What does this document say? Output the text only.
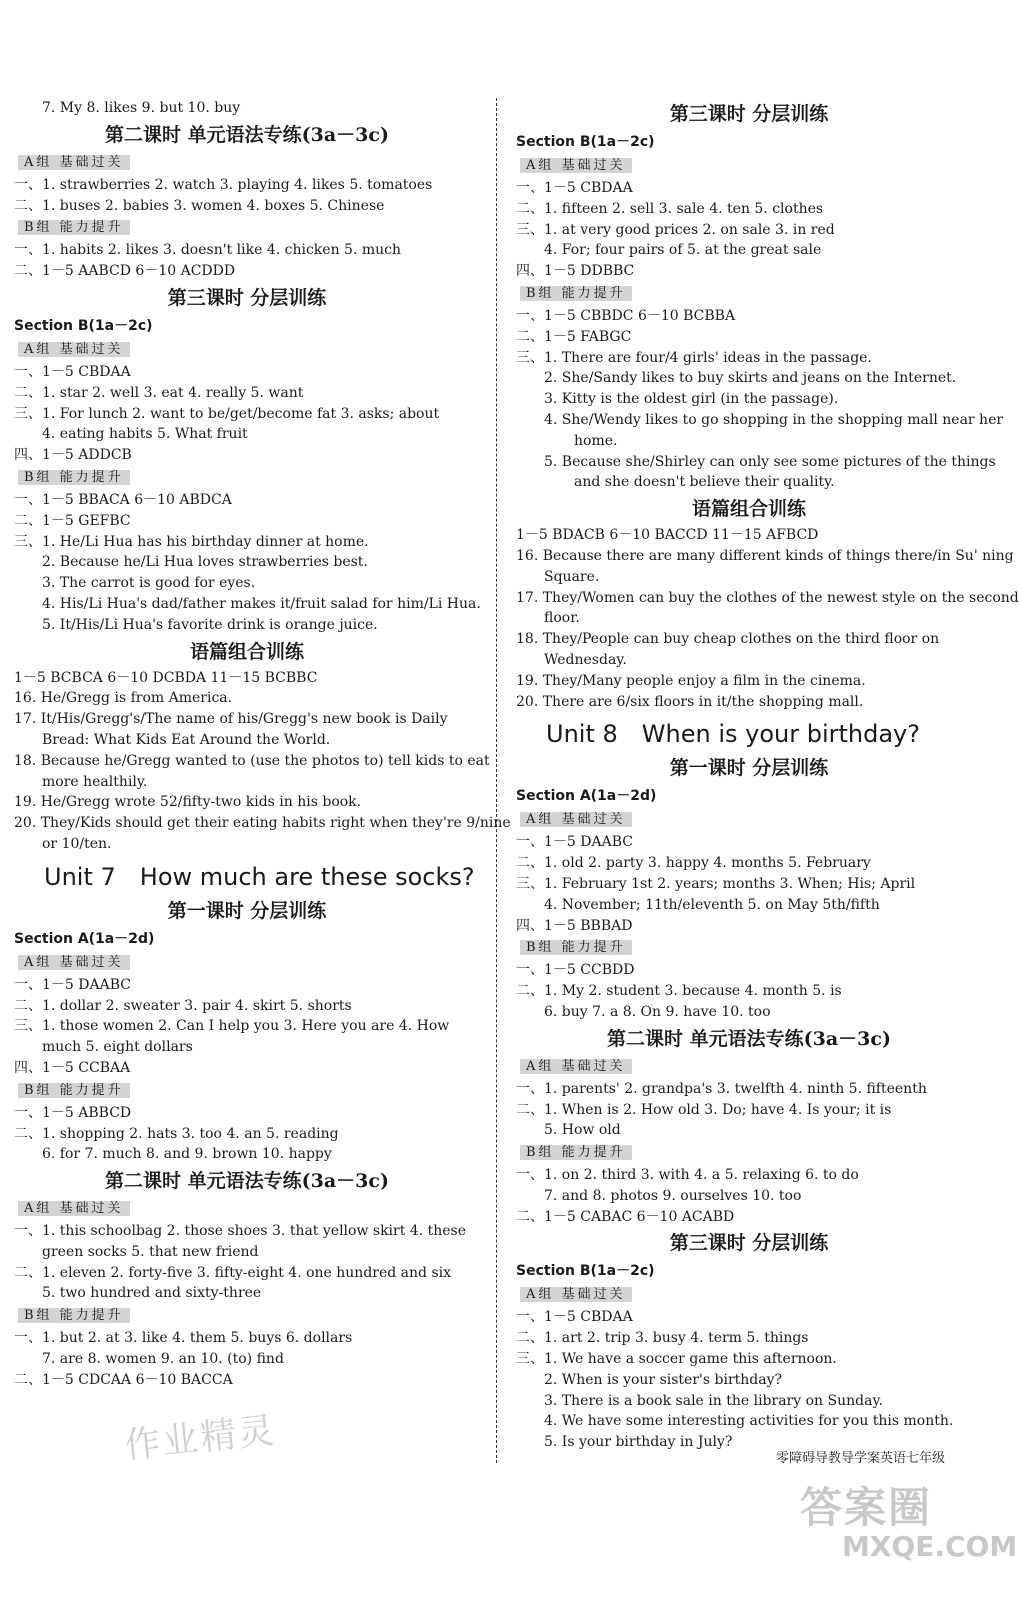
7. My 8. likes 9. but 10. buy
第二课时 单元语法专练(3a－3c)
A组 基础过关
一、1. strawberries 2. watch 3. playing 4. likes 5. tomatoes
二、1. buses 2. babies 3. women 4. boxes 5. Chinese
B组 能力提升
一、1. habits 2. likes 3. doesn't like 4. chicken 5. much
二、1－5 AABCD 6－10 ACDDD
第三课时 分层训练
Section B(1a－2c)
A组 基础过关
一、1－5 CBDAA
二、1. star 2. well 3. eat 4. really 5. want
三、1. For lunch 2. want to be/get/become fat 3. asks; about
4. eating habits 5. What fruit
四、1－5 ADDCB
B组 能力提升
一、1－5 BBACA 6－10 ABDCA
二、1－5 GEFBC
三、1. He/Li Hua has his birthday dinner at home.
2. Because he/Li Hua loves strawberries best.
3. The carrot is good for eyes.
4. His/Li Hua's dad/father makes it/fruit salad for him/Li Hua.
5. It/His/Li Hua's favorite drink is orange juice.
语篇组合训练
1－5 BCBCA 6－10 DCBDA 11－15 BCBBC
16. He/Gregg is from America.
17. It/His/Gregg's/The name of his/Gregg's new book is Daily
Bread: What Kids Eat Around the World.
18. Because he/Gregg wanted to (use the photos to) tell kids to eat
more healthily.
19. He/Gregg wrote 52/fifty-two kids in his book.
20. They/Kids should get their eating habits right when they're 9/nine
or 10/ten.
Unit 7 How much are these socks?
第一课时 分层训练
Section A(1a－2d)
A组 基础过关
一、1－5 DAABC
二、1. dollar 2. sweater 3. pair 4. skirt 5. shorts
三、1. those women 2. Can I help you 3. Here you are 4. How
much 5. eight dollars
四、1－5 CCBAA
B组 能力提升
一、1－5 ABBCD
二、1. shopping 2. hats 3. too 4. an 5. reading
6. for 7. much 8. and 9. brown 10. happy
第二课时 单元语法专练(3a－3c)
A组 基础过关
一、1. this schoolbag 2. those shoes 3. that yellow skirt 4. these
green socks 5. that new friend
二、1. eleven 2. forty-five 3. fifty-eight 4. one hundred and six
5. two hundred and sixty-three
B组 能力提升
一、1. but 2. at 3. like 4. them 5. buys 6. dollars
7. are 8. women 9. an 10. (to) find
二、1－5 CDCAA 6－10 BACCA
第三课时 分层训练
Section B(1a－2c)
A组 基础过关
一、1－5 CBDAA
二、1. fifteen 2. sell 3. sale 4. ten 5. clothes
三、1. at very good prices 2. on sale 3. in red
4. For; four pairs of 5. at the great sale
四、1－5 DDBBC
B组 能力提升
一、1－5 CBBDC 6－10 BCBBA
二、1－5 FABGC
三、1. There are four/4 girls' ideas in the passage.
2. She/Sandy likes to buy skirts and jeans on the Internet.
3. Kitty is the oldest girl (in the passage).
4. She/Wendy likes to go shopping in the shopping mall near her
home.
5. Because she/Shirley can only see some pictures of the things
and she doesn't believe their quality.
语篇组合训练
1－5 BDACB 6－10 BACCD 11－15 AFBCD
16. Because there are many different kinds of things there/in Su' ning
Square.
17. They/Women can buy the clothes of the newest style on the second
floor.
18. They/People can buy cheap clothes on the third floor on
Wednesday.
19. They/Many people enjoy a film in the cinema.
20. There are 6/six floors in it/the shopping mall.
Unit 8 When is your birthday?
第一课时 分层训练
Section A(1a－2d)
A组 基础过关
一、1－5 DAABC
二、1. old 2. party 3. happy 4. months 5. February
三、1. February 1st 2. years; months 3. When; His; April
4. November; 11th/eleventh 5. on May 5th/fifth
四、1－5 BBBAD
B组 能力提升
一、1－5 CCBDD
二、1. My 2. student 3. because 4. month 5. is
6. buy 7. a 8. On 9. have 10. too
第二课时 单元语法专练(3a－3c)
A组 基础过关
一、1. parents' 2. grandpa's 3. twelfth 4. ninth 5. fifteenth
二、1. When is 2. How old 3. Do; have 4. Is your; it is
5. How old
B组 能力提升
一、1. on 2. third 3. with 4. a 5. relaxing 6. to do
7. and 8. photos 9. ourselves 10. too
二、1－5 CABAC 6－10 ACABD
第三课时 分层训练
Section B(1a－2c)
A组 基础过关
一、1－5 CBDAA
二、1. art 2. trip 3. busy 4. term 5. things
三、1. We have a soccer game this afternoon.
2. When is your sister's birthday?
3. There is a book sale in the library on Sunday.
4. We have some interesting activities for you this month.
5. Is your birthday in July?
零障碍导教导学案英语七年级
作业精灵
答案圈
MXQE.COM
